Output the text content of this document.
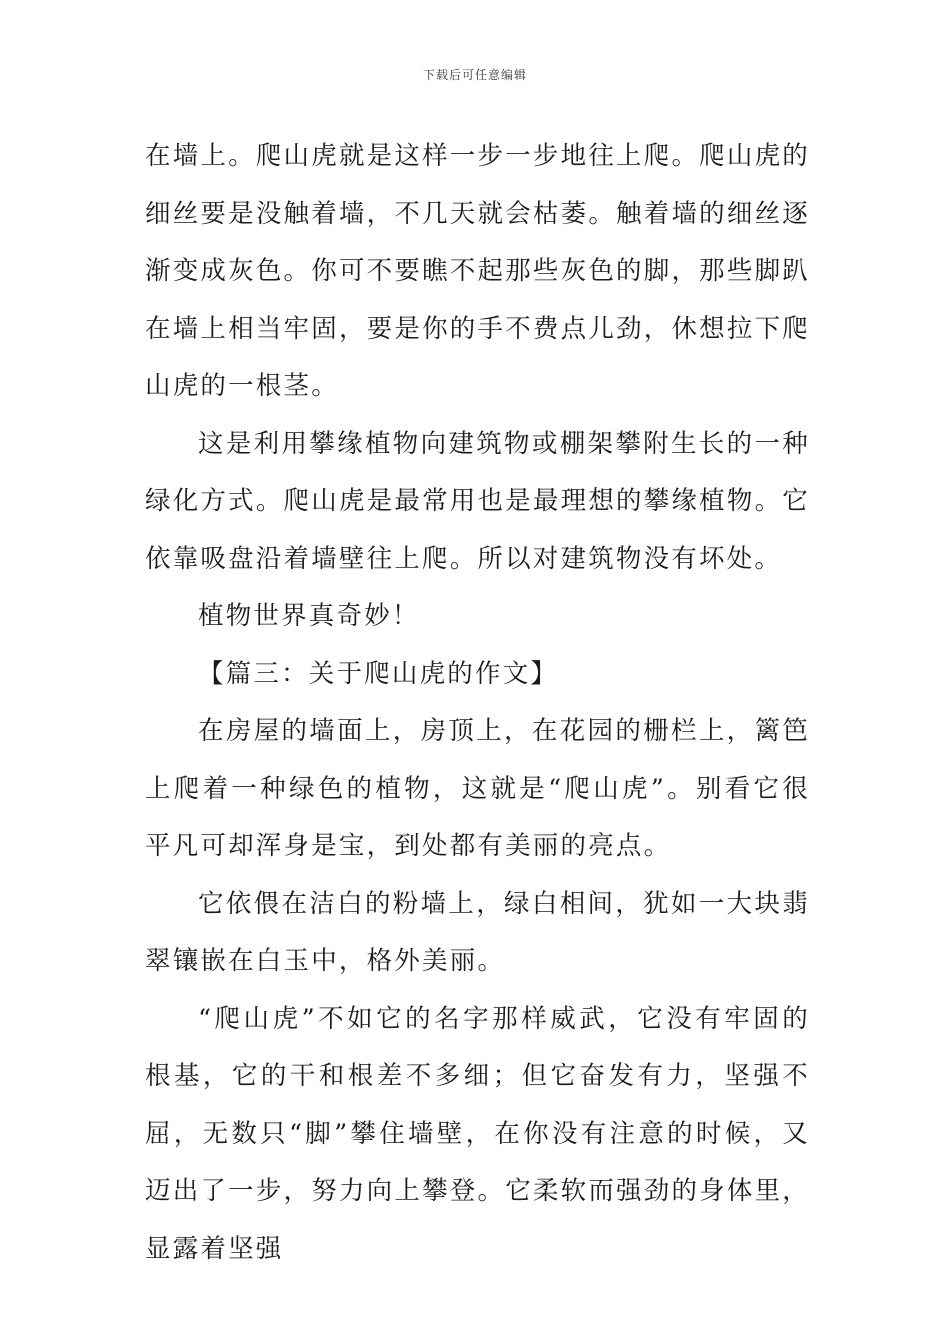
下载后可任意编辑

在墙上。爬山虎就是这样一步一步地往上爬。爬山虎的细丝要是没触着墙，不几天就会枯萎。触着墙的细丝逐渐变成灰色。你可不要瞧不起那些灰色的脚，那些脚趴在墙上相当牢固，要是你的手不费点儿劲，休想拉下爬山虎的一根茎。

这是利用攀缘植物向建筑物或棚架攀附生长的一种绿化方式。爬山虎是最常用也是最理想的攀缘植物。它依靠吸盘沿着墙壁往上爬。所以对建筑物没有坏处。

植物世界真奇妙！

【篇三：关于爬山虎的作文】

在房屋的墙面上，房顶上，在花园的栅栏上，篱笆上爬着一种绿色的植物，这就是“爬山虎”。别看它很平凡可却浑身是宝，到处都有美丽的亮点。

它依偎在洁白的粉墙上，绿白相间，犹如一大块翡翠镶嵌在白玉中，格外美丽。

“爬山虎”不如它的名字那样威武，它没有牢固的根基，它的干和根差不多细；但它奋发有力，坚强不屈，无数只“脚”攀住墙壁，在你没有注意的时候，又迈出了一步，努力向上攀登。它柔软而强劲的身体里，显露着坚强
